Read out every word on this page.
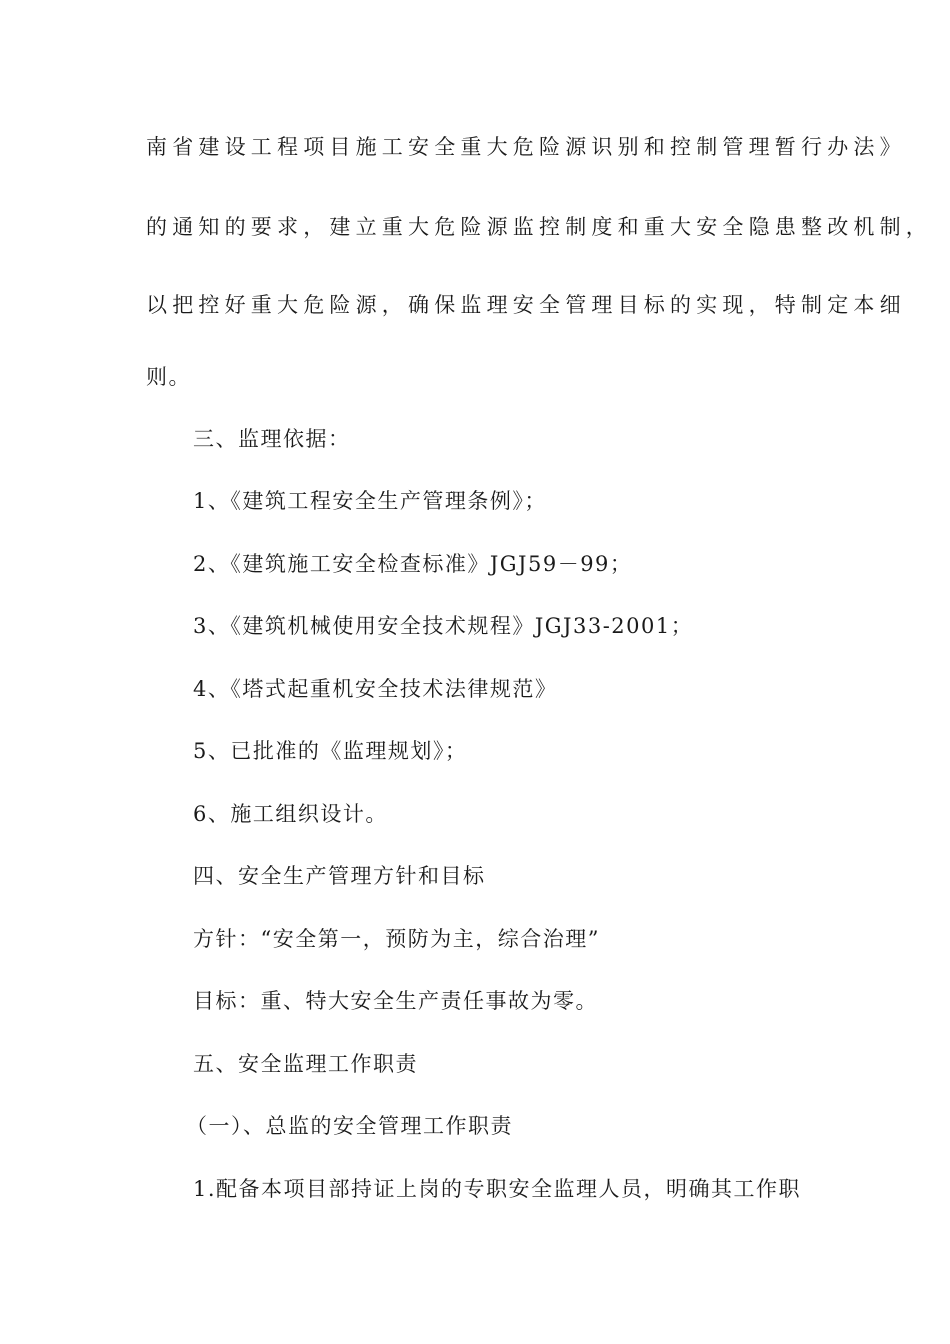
南省建设工程项目施工安全重大危险源识别和控制管理暂行办法》
的通知的要求，建立重大危险源监控制度和重大安全隐患整改机制，
以把控好重大危险源，确保监理安全管理目标的实现，特制定本细
则。
三、监理依据：
1、《建筑工程安全生产管理条例》；
2、《建筑施工安全检查标准》JGJ59－99；
3、《建筑机械使用安全技术规程》JGJ33-2001；
4、《塔式起重机安全技术法律规范》
5、已批准的《监理规划》；
6、施工组织设计。
四、安全生产管理方针和目标
方针：“安全第一，预防为主，综合治理”
目标：重、特大安全生产责任事故为零。
五、安全监理工作职责
（一）、总监的安全管理工作职责
1.配备本项目部持证上岗的专职安全监理人员，明确其工作职
